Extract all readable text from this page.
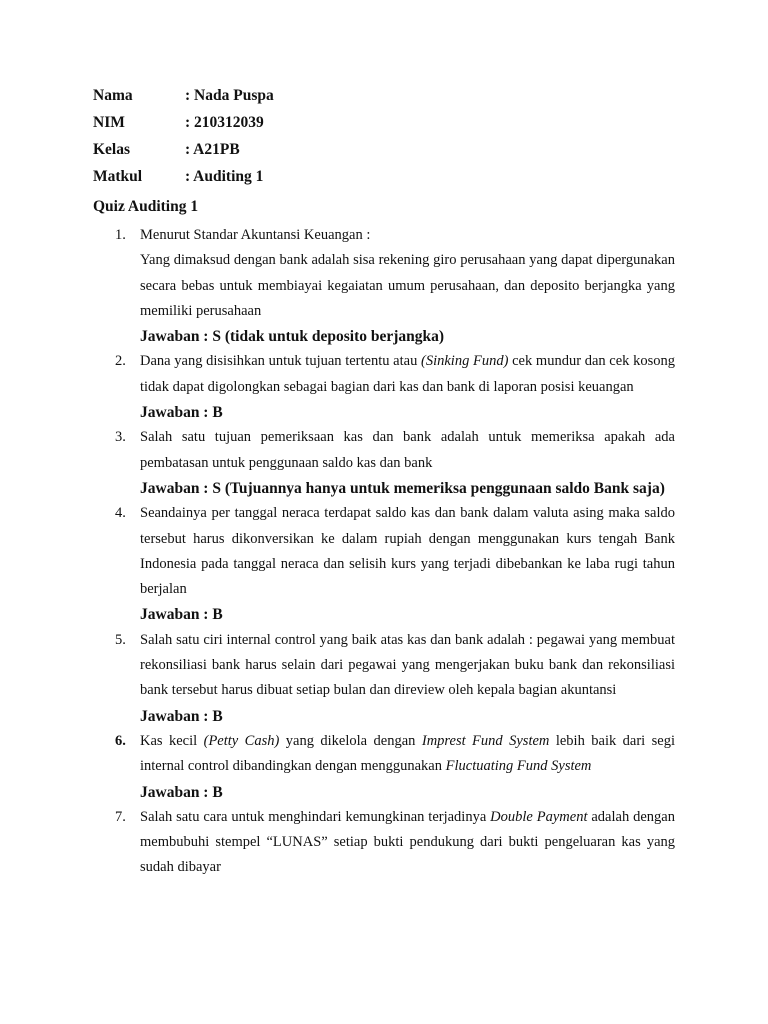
Nama	: Nada Puspa
NIM	: 210312039
Kelas	: A21PB
Matkul	: Auditing 1
Quiz Auditing 1
1. Menurut Standar Akuntansi Keuangan :
Yang dimaksud dengan bank adalah sisa rekening giro perusahaan yang dapat dipergunakan secara bebas untuk membiayai kegaiatan umum perusahaan, dan deposito berjangka yang memiliki perusahaan
Jawaban : S (tidak untuk deposito berjangka)
2. Dana yang disisihkan untuk tujuan tertentu atau (Sinking Fund) cek mundur dan cek kosong tidak dapat digolongkan sebagai bagian dari kas dan bank di laporan posisi keuangan
Jawaban : B
3. Salah satu tujuan pemeriksaan kas dan bank adalah untuk memeriksa apakah ada pembatasan untuk penggunaan saldo kas dan bank
Jawaban : S (Tujuannya hanya untuk memeriksa penggunaan saldo Bank saja)
4. Seandainya per tanggal neraca terdapat saldo kas dan bank dalam valuta asing maka saldo tersebut harus dikonversikan ke dalam rupiah dengan menggunakan kurs tengah Bank Indonesia pada tanggal neraca dan selisih kurs yang terjadi dibebankan ke laba rugi tahun berjalan
Jawaban : B
5. Salah satu ciri internal control yang baik atas kas dan bank adalah : pegawai yang membuat rekonsiliasi bank harus selain dari pegawai yang mengerjakan buku bank dan rekonsiliasi bank tersebut harus dibuat setiap bulan dan direview oleh kepala bagian akuntansi
Jawaban : B
6. Kas kecil (Petty Cash) yang dikelola dengan Imprest Fund System lebih baik dari segi internal control dibandingkan dengan menggunakan Fluctuating Fund System
Jawaban : B
7. Salah satu cara untuk menghindari kemungkinan terjadinya Double Payment adalah dengan membubuhi stempel “LUNAS” setiap bukti pendukung dari bukti pengeluaran kas yang sudah dibayar
